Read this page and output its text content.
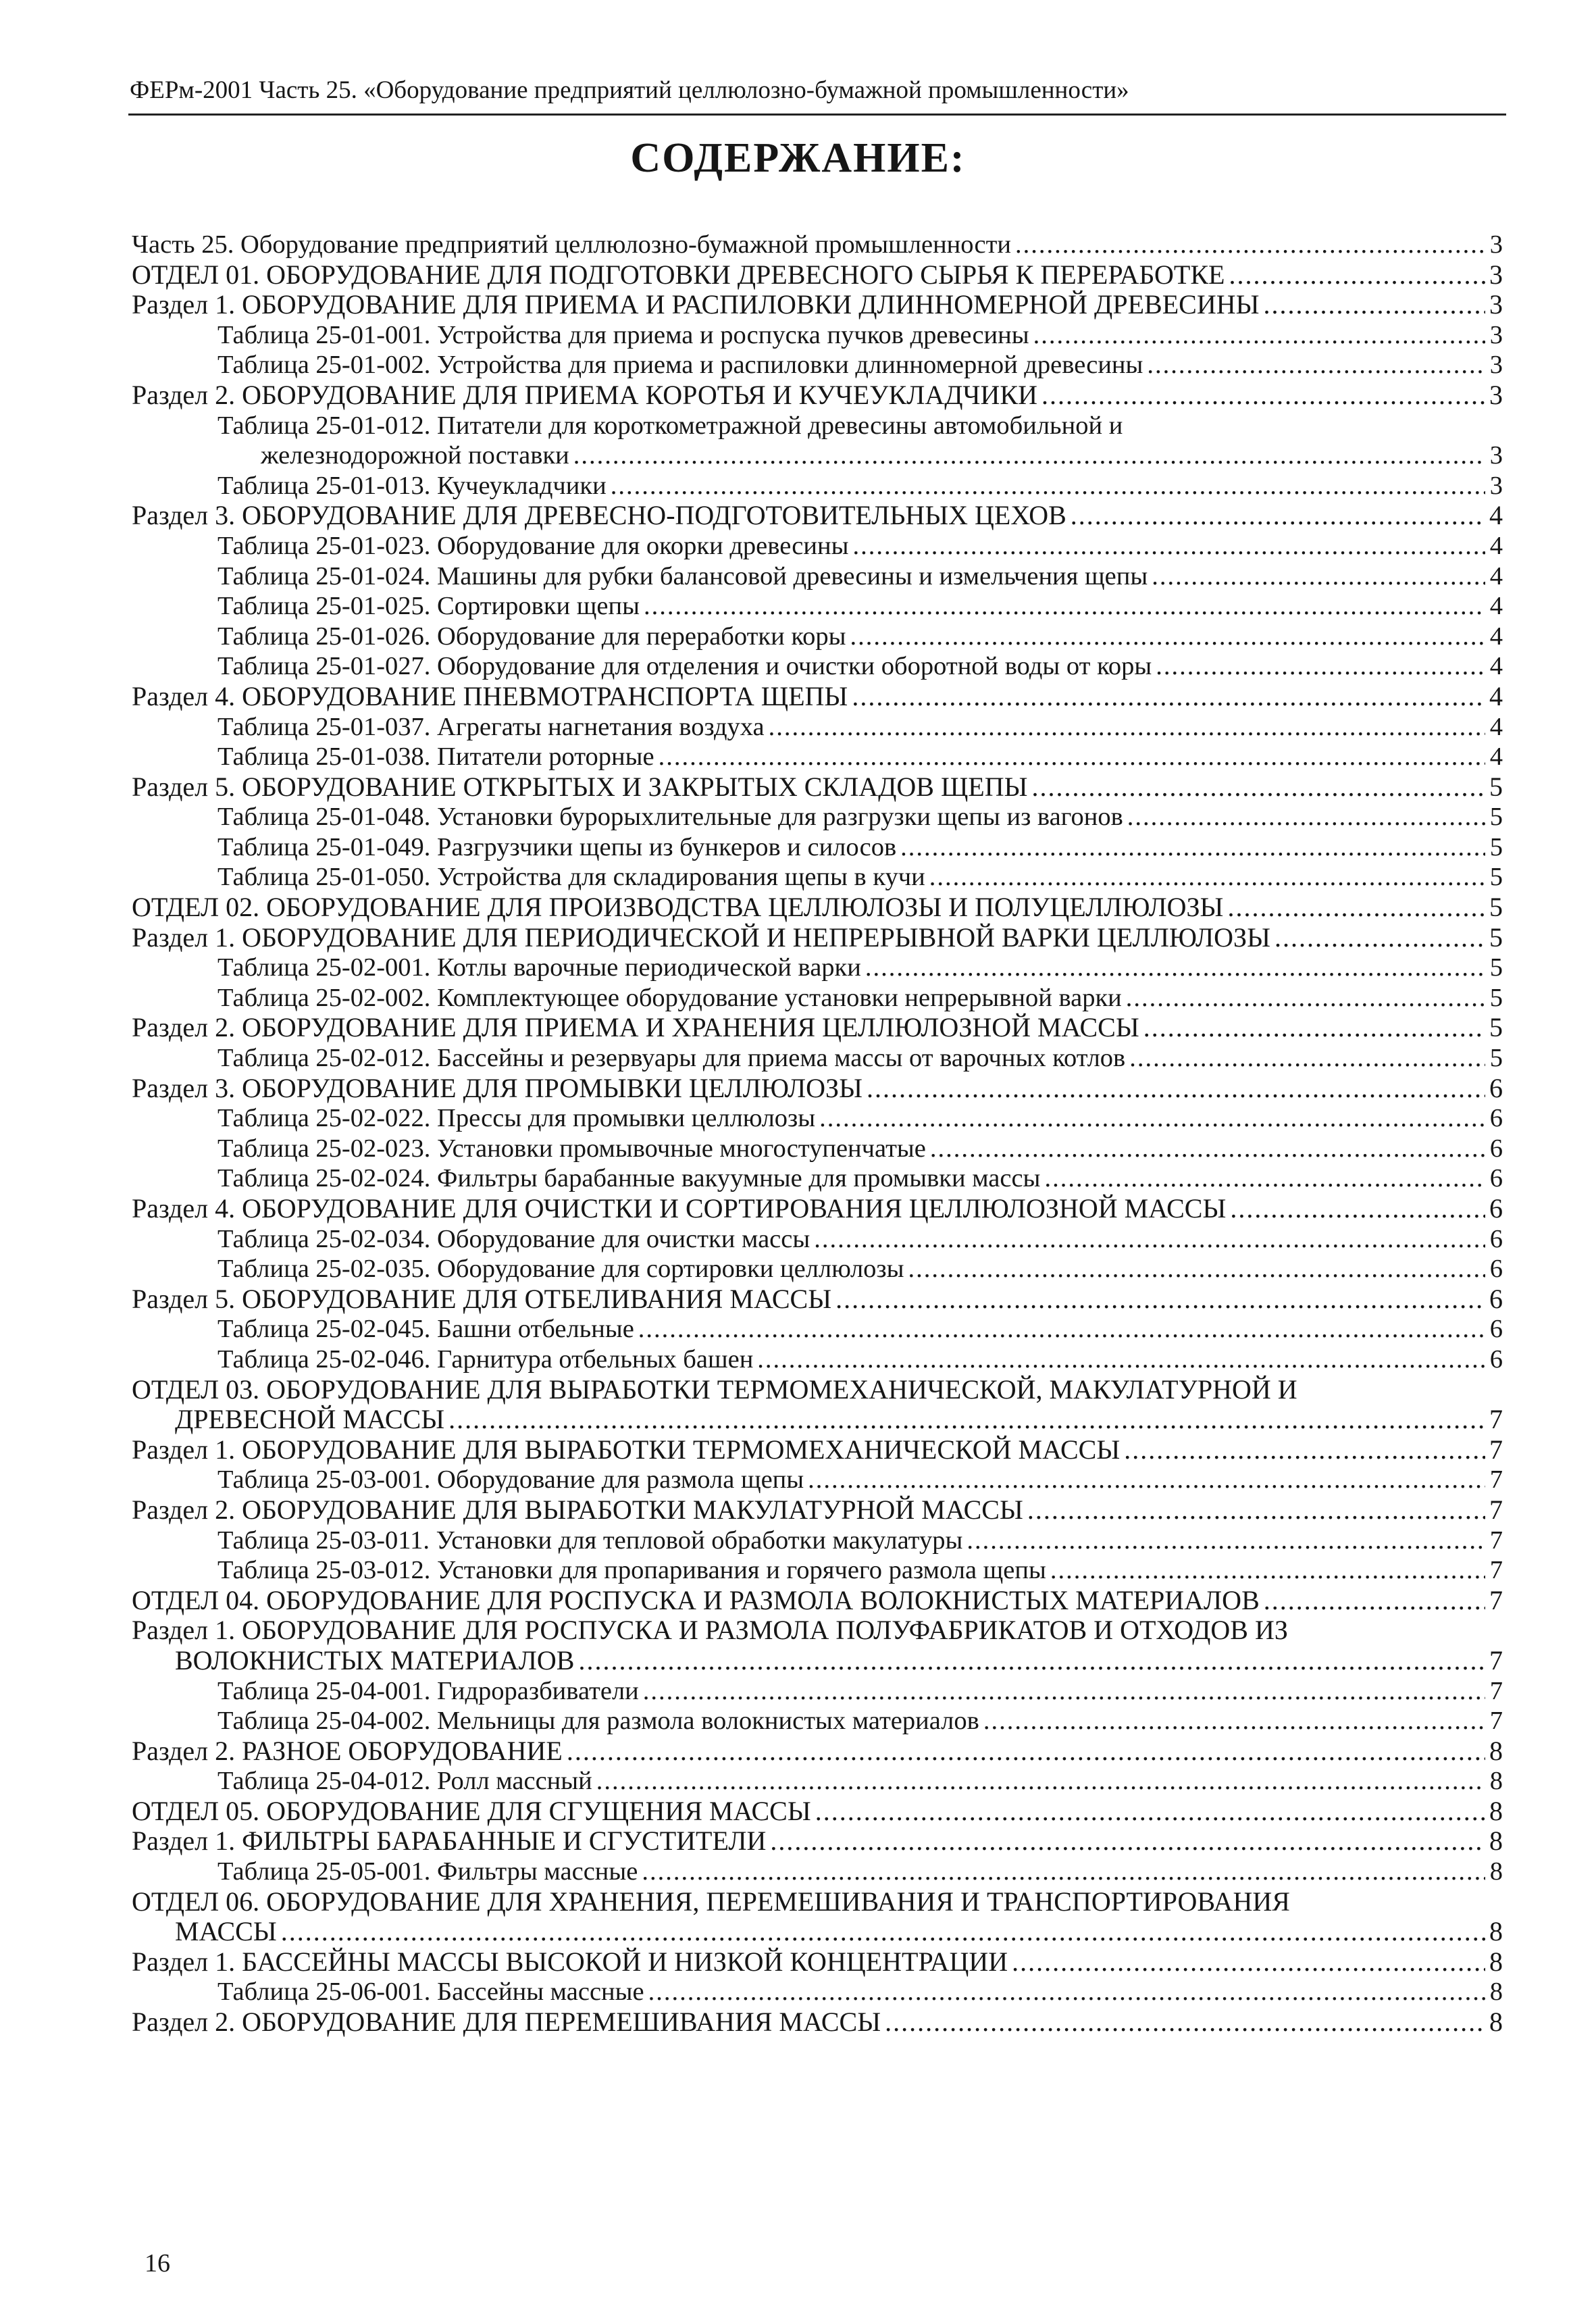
ФЕРм-2001 Часть 25. «Оборудование предприятий целлюлозно-бумажной промышленности»
СОДЕРЖАНИЕ:
Часть 25. Оборудование предприятий целлюлозно-бумажной промышленности .....	3
ОТДЕЛ 01. ОБОРУДОВАНИЕ ДЛЯ ПОДГОТОВКИ ДРЕВЕСНОГО СЫРЬЯ К ПЕРЕРАБОТКЕ .....	3
Раздел 1. ОБОРУДОВАНИЕ ДЛЯ ПРИЕМА И РАСПИЛОВКИ ДЛИННОМЕРНОЙ ДРЕВЕСИНЫ .....	3
Таблица 25-01-001. Устройства для приема и роспуска пучков древесины .....	3
Таблица 25-01-002. Устройства для приема и распиловки длинномерной древесины .....	3
Раздел 2. ОБОРУДОВАНИЕ ДЛЯ ПРИЕМА КОРОТЬЯ И КУЧЕУКЛАДЧИКИ .....	3
Таблица 25-01-012. Питатели для короткометражной древесины автомобильной и
железнодорожной поставки .....	3
Таблица 25-01-013. Кучеукладчики .....	3
Раздел 3. ОБОРУДОВАНИЕ ДЛЯ ДРЕВЕСНО-ПОДГОТОВИТЕЛЬНЫХ ЦЕХОВ .....	4
Таблица 25-01-023. Оборудование для окорки древесины .....	4
Таблица 25-01-024. Машины для рубки балансовой древесины и измельчения щепы .....	4
Таблица 25-01-025. Сортировки щепы .....	4
Таблица 25-01-026. Оборудование для переработки коры .....	4
Таблица 25-01-027. Оборудование для отделения и очистки оборотной воды от коры .....	4
Раздел 4. ОБОРУДОВАНИЕ ПНЕВМОТРАНСПОРТА ЩЕПЫ .....	4
Таблица 25-01-037. Агрегаты нагнетания воздуха .....	4
Таблица 25-01-038. Питатели роторные .....	4
Раздел 5. ОБОРУДОВАНИЕ ОТКРЫТЫХ И ЗАКРЫТЫХ СКЛАДОВ ЩЕПЫ .....	5
Таблица 25-01-048. Установки бурорыхлительные для разгрузки щепы из вагонов .....	5
Таблица 25-01-049. Разгрузчики щепы из бункеров и силосов .....	5
Таблица 25-01-050. Устройства для складирования щепы в кучи .....	5
ОТДЕЛ 02. ОБОРУДОВАНИЕ ДЛЯ ПРОИЗВОДСТВА ЦЕЛЛЮЛОЗЫ И ПОЛУЦЕЛЛЮЛОЗЫ .....	5
Раздел 1. ОБОРУДОВАНИЕ ДЛЯ ПЕРИОДИЧЕСКОЙ И НЕПРЕРЫВНОЙ ВАРКИ ЦЕЛЛЮЛОЗЫ .....	5
Таблица 25-02-001. Котлы варочные периодической варки .....	5
Таблица 25-02-002. Комплектующее оборудование установки непрерывной варки .....	5
Раздел 2. ОБОРУДОВАНИЕ ДЛЯ ПРИЕМА И ХРАНЕНИЯ ЦЕЛЛЮЛОЗНОЙ МАССЫ .....	5
Таблица 25-02-012. Бассейны и резервуары для приема массы от варочных котлов .....	5
Раздел 3. ОБОРУДОВАНИЕ ДЛЯ ПРОМЫВКИ ЦЕЛЛЮЛОЗЫ .....	6
Таблица 25-02-022. Прессы для промывки целлюлозы .....	6
Таблица 25-02-023. Установки промывочные многоступенчатые .....	6
Таблица 25-02-024. Фильтры барабанные вакуумные для промывки массы .....	6
Раздел 4. ОБОРУДОВАНИЕ ДЛЯ ОЧИСТКИ И СОРТИРОВАНИЯ ЦЕЛЛЮЛОЗНОЙ МАССЫ .....	6
Таблица 25-02-034. Оборудование для очистки массы .....	6
Таблица 25-02-035. Оборудование для сортировки целлюлозы .....	6
Раздел 5. ОБОРУДОВАНИЕ ДЛЯ ОТБЕЛИВАНИЯ МАССЫ .....	6
Таблица 25-02-045. Башни отбельные .....	6
Таблица 25-02-046. Гарнитура отбельных башен .....	6
ОТДЕЛ 03. ОБОРУДОВАНИЕ ДЛЯ ВЫРАБОТКИ ТЕРМОМЕХАНИЧЕСКОЙ, МАКУЛАТУРНОЙ И
ДРЕВЕСНОЙ МАССЫ .....	7
Раздел 1. ОБОРУДОВАНИЕ ДЛЯ ВЫРАБОТКИ ТЕРМОМЕХАНИЧЕСКОЙ МАССЫ .....	7
Таблица 25-03-001. Оборудование для размола щепы .....	7
Раздел 2. ОБОРУДОВАНИЕ ДЛЯ ВЫРАБОТКИ МАКУЛАТУРНОЙ МАССЫ .....	7
Таблица 25-03-011. Установки для тепловой обработки макулатуры .....	7
Таблица 25-03-012. Установки для пропаривания и горячего размола щепы .....	7
ОТДЕЛ 04. ОБОРУДОВАНИЕ ДЛЯ РОСПУСКА И РАЗМОЛА ВОЛОКНИСТЫХ МАТЕРИАЛОВ .....	7
Раздел 1. ОБОРУДОВАНИЕ ДЛЯ РОСПУСКА И РАЗМОЛА ПОЛУФАБРИКАТОВ И ОТХОДОВ ИЗ
ВОЛОКНИСТЫХ МАТЕРИАЛОВ .....	7
Таблица 25-04-001. Гидроразбиватели .....	7
Таблица 25-04-002. Мельницы для размола волокнистых материалов .....	7
Раздел 2. РАЗНОЕ ОБОРУДОВАНИЕ .....	8
Таблица 25-04-012. Ролл массный .....	8
ОТДЕЛ 05. ОБОРУДОВАНИЕ ДЛЯ СГУЩЕНИЯ МАССЫ .....	8
Раздел 1. ФИЛЬТРЫ БАРАБАННЫЕ И СГУСТИТЕЛИ .....	8
Таблица 25-05-001. Фильтры массные .....	8
ОТДЕЛ 06. ОБОРУДОВАНИЕ ДЛЯ ХРАНЕНИЯ, ПЕРЕМЕШИВАНИЯ И ТРАНСПОРТИРОВАНИЯ
МАССЫ .....	8
Раздел 1. БАССЕЙНЫ МАССЫ ВЫСОКОЙ И НИЗКОЙ КОНЦЕНТРАЦИИ .....	8
Таблица 25-06-001. Бассейны массные .....	8
Раздел 2. ОБОРУДОВАНИЕ ДЛЯ ПЕРЕМЕШИВАНИЯ МАССЫ .....	8
16
